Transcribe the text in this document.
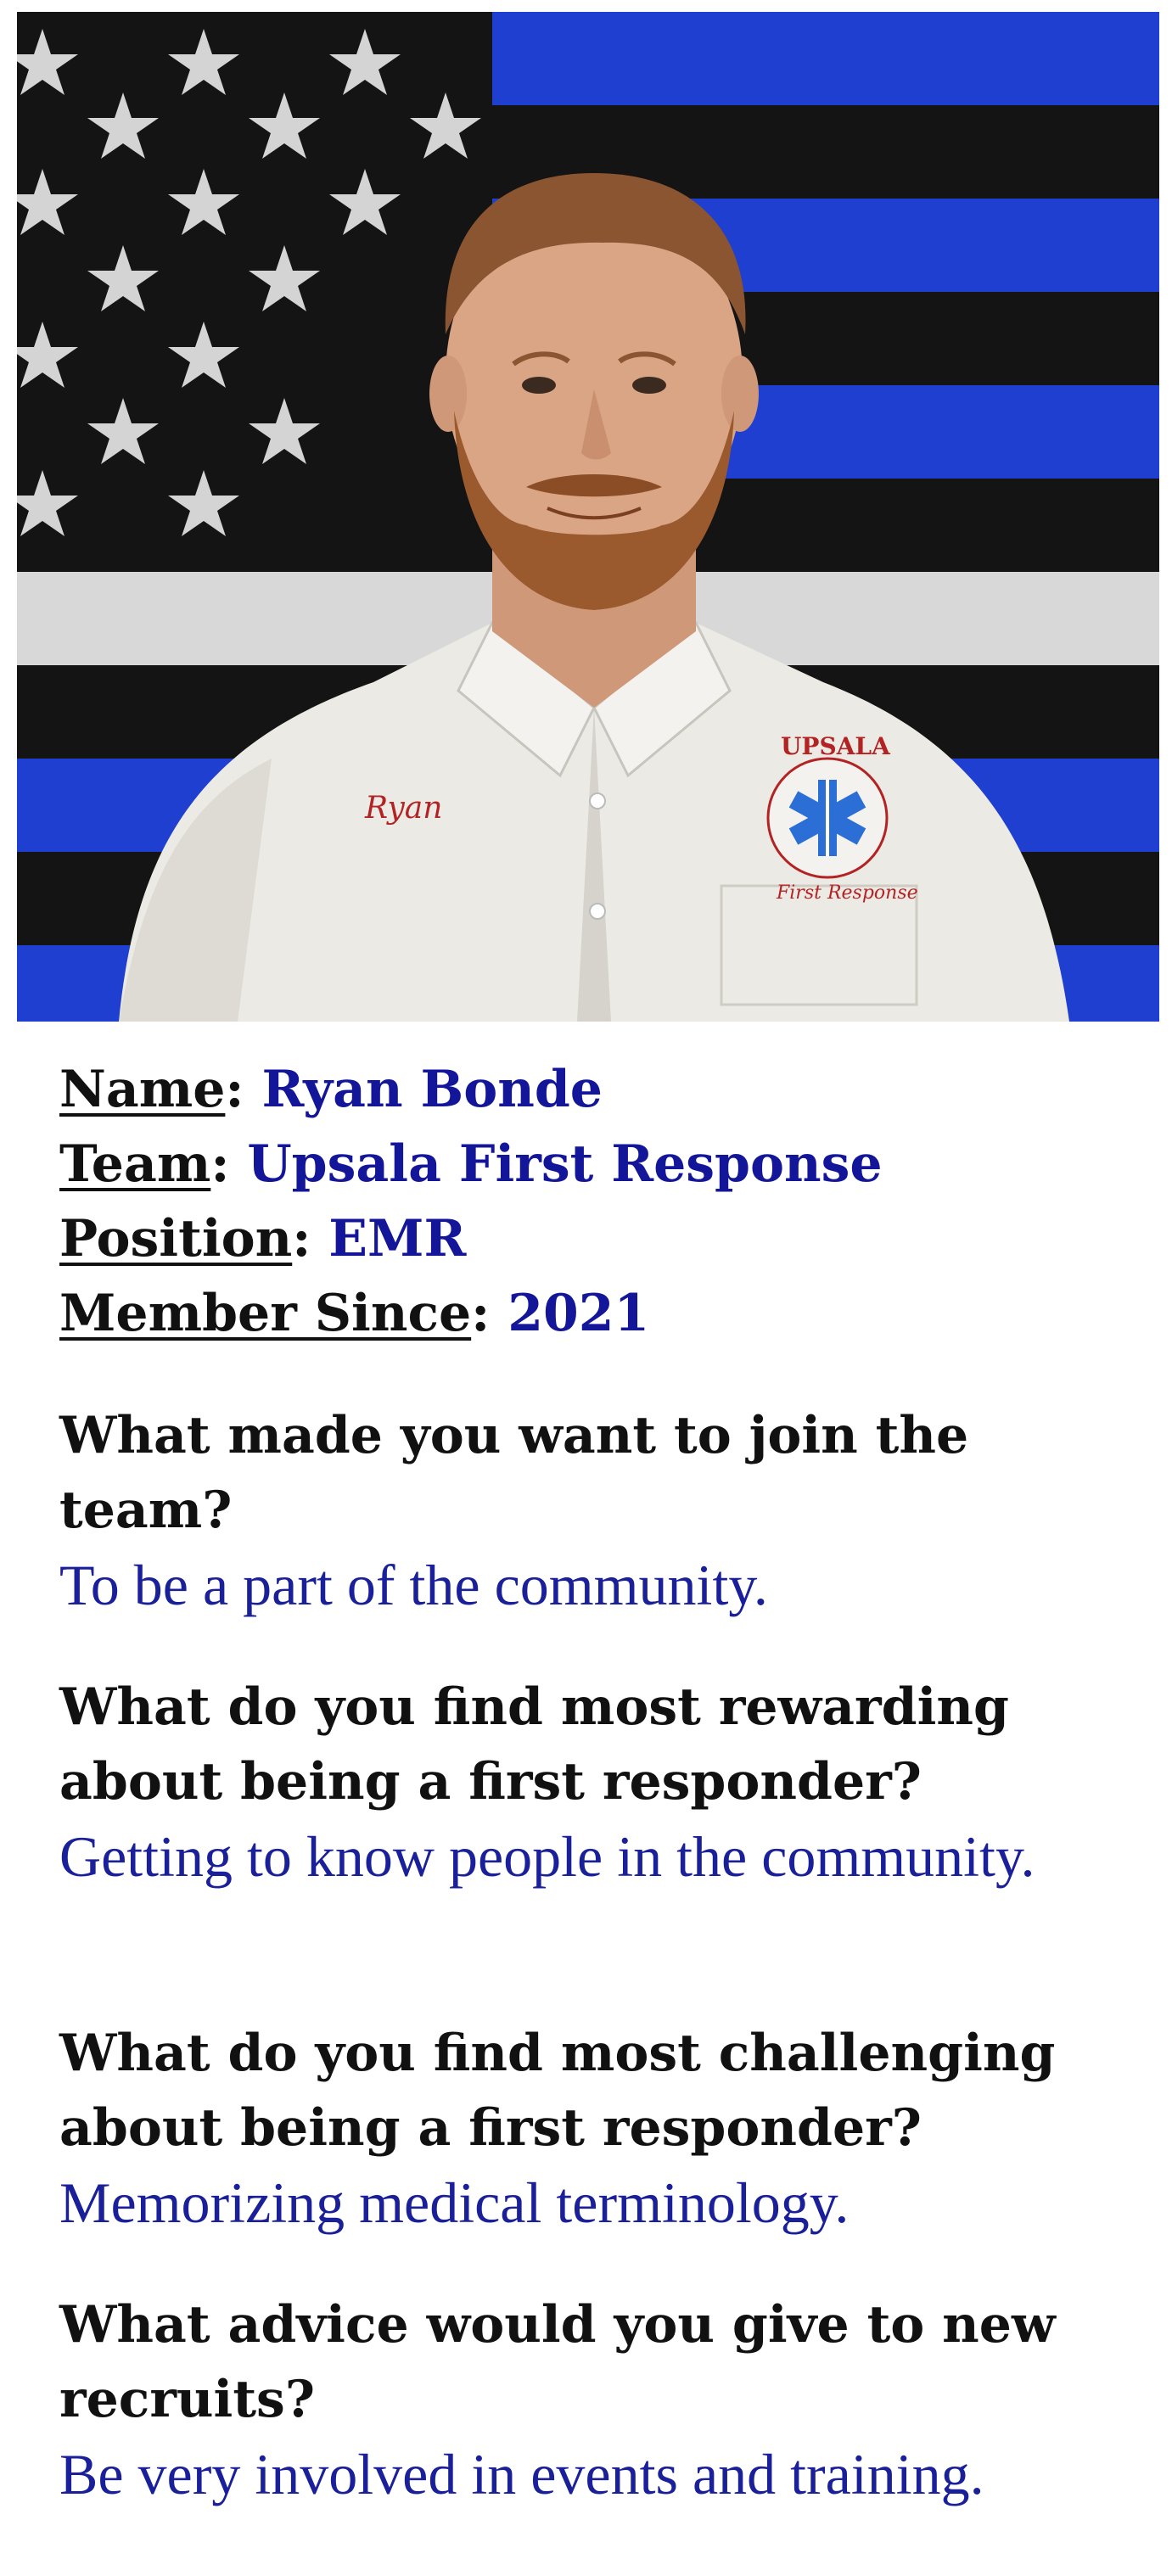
Ryan
UPSALA
First Response
Name: Ryan Bonde
Team: Upsala First Response
Position: EMR
Member Since: 2021
What made you want to join the team?
To be a part of the community.
What do you find most rewarding about being a first responder?
Getting to know people in the community.
What do you find most challenging about being a first responder?
Memorizing medical terminology.
What advice would you give to new recruits?
Be very involved in events and training.
